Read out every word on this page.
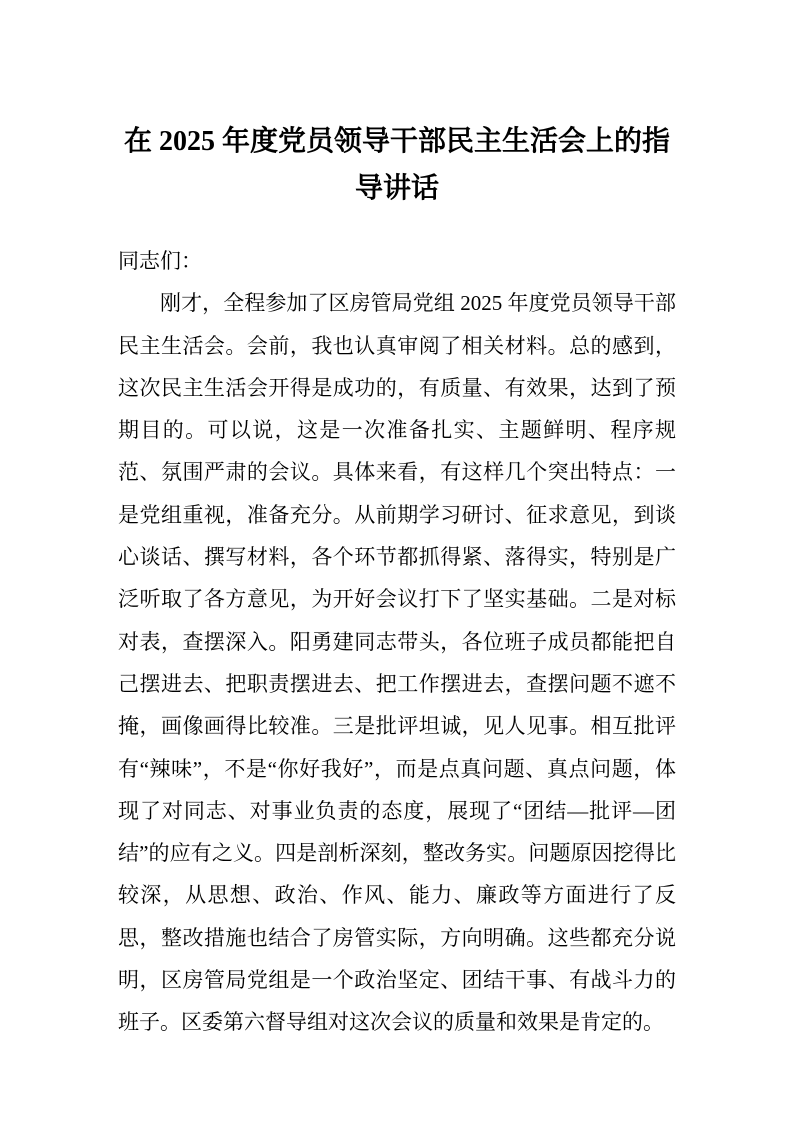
在 2025 年度党员领导干部民主生活会上的指导讲话

同志们：

刚才，全程参加了区房管局党组 2025 年度党员领导干部民主生活会。会前，我也认真审阅了相关材料。总的感到，这次民主生活会开得是成功的，有质量、有效果，达到了预期目的。可以说，这是一次准备扎实、主题鲜明、程序规范、氛围严肃的会议。具体来看，有这样几个突出特点：一是党组重视，准备充分。从前期学习研讨、征求意见，到谈心谈话、撰写材料，各个环节都抓得紧、落得实，特别是广泛听取了各方意见，为开好会议打下了坚实基础。二是对标对表，查摆深入。阳勇建同志带头，各位班子成员都能把自己摆进去、把职责摆进去、把工作摆进去，查摆问题不遮不掩，画像画得比较准。三是批评坦诚，见人见事。相互批评有“辣味”，不是“你好我好”，而是点真问题、真点问题，体现了对同志、对事业负责的态度，展现了“团结—批评—团结”的应有之义。四是剖析深刻，整改务实。问题原因挖得比较深，从思想、政治、作风、能力、廉政等方面进行了反思，整改措施也结合了房管实际，方向明确。这些都充分说明，区房管局党组是一个政治坚定、团结干事、有战斗力的班子。区委第六督导组对这次会议的质量和效果是肯定的。
